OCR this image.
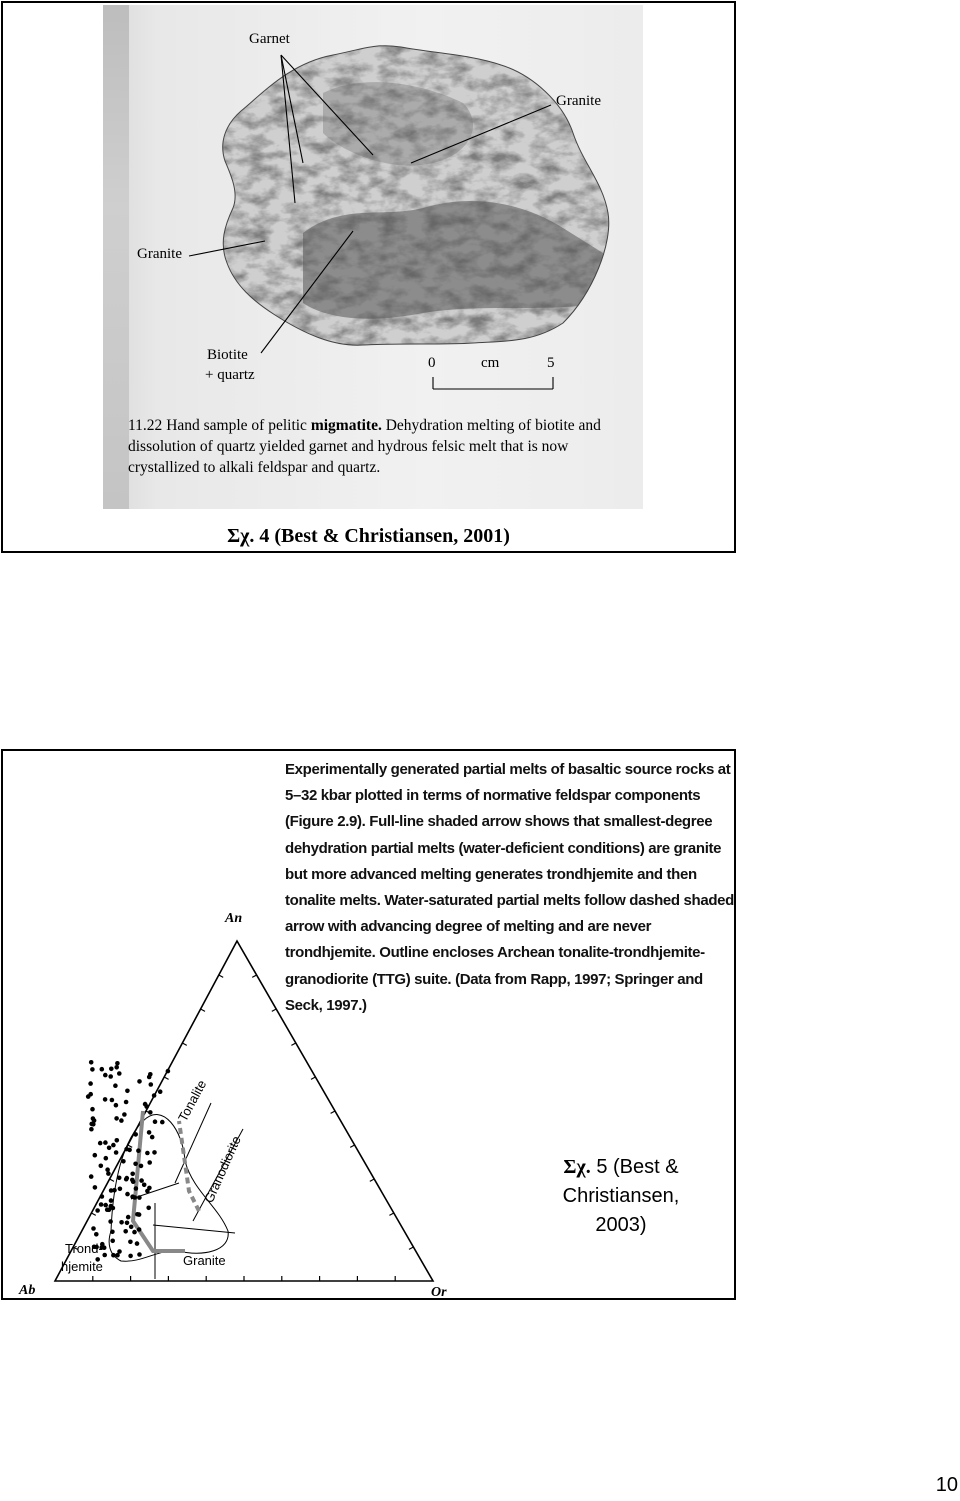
Garnet
Granite
Granite
Biotite
+ quartz
0	cm	5
11.22 Hand sample of pelitic migmatite. Dehydration melting of biotite and dissolution of quartz yielded garnet and hydrous felsic melt that is now crystallized to alkali feldspar and quartz.
Σχ. 4 (Best & Christiansen, 2001)
Experimentally generated partial melts of basaltic source rocks at 5–32 kbar plotted in terms of normative feldspar components (Figure 2.9). Full-line shaded arrow shows that smallest-degree dehydration partial melts (water-deficient conditions) are granite but more advanced melting generates trondhjemite and then tonalite melts. Water-saturated partial melts follow dashed shaded arrow with advancing degree of melting and are never trondhjemite. Outline encloses Archean tonalite-trondhjemite-granodiorite (TTG) suite. (Data from Rapp, 1997; Springer and Seck, 1997.)
An
Ab	Or
Tonalite
Granodiorite
Trond-
hjemite	Granite
Σχ. 5 (Best &
Christiansen,
2003)
10
